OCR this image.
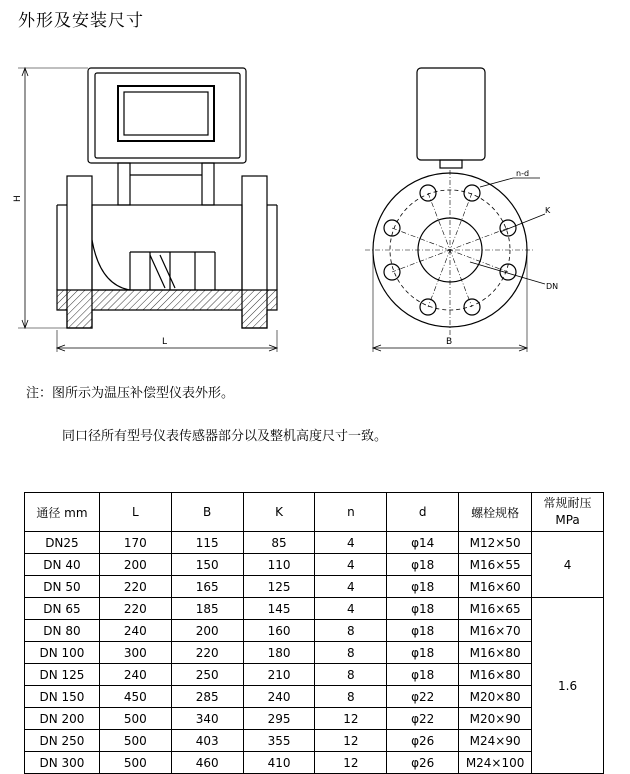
外形及安装尺寸
H
L
n-d
K
DN
B
注：图所示为温压补偿型仪表外形。
同口径所有型号仪表传感器部分以及整机高度尺寸一致。
通径 mm	L	B	K	n	d	螺栓规格	常规耐压
MPa
DN25	170	115	85	4	φ14	M12×50	4
DN 40	200	150	110	4	φ18	M16×55	
DN 50	220	165	125	4	φ18	M16×60	
DN 65	220	185	145	4	φ18	M16×65	1.6
DN 80	240	200	160	8	φ18	M16×70	
DN 100	300	220	180	8	φ18	M16×80	
DN 125	240	250	210	8	φ18	M16×80	
DN 150	450	285	240	8	φ22	M20×80	
DN 200	500	340	295	12	φ22	M20×90	
DN 250	500	403	355	12	φ26	M24×90	
DN 300	500	460	410	12	φ26	M24×100	
